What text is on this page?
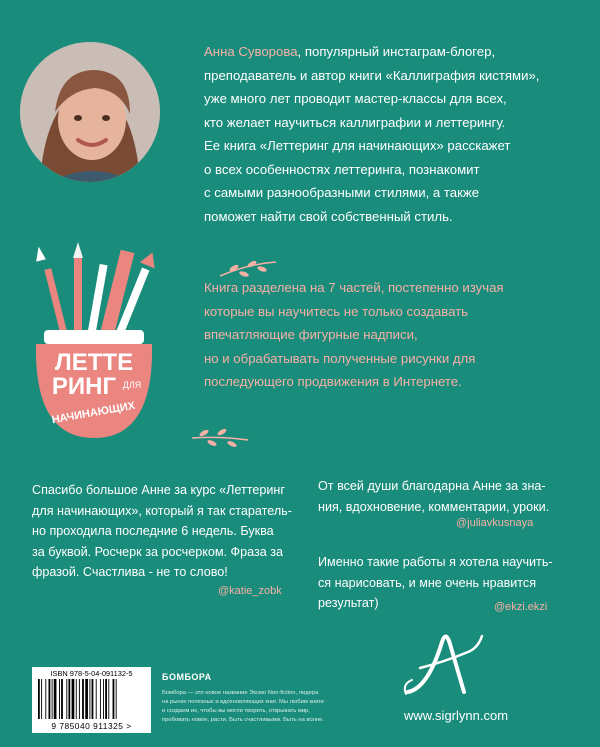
Анна Суворова, популярный инстаграм-блогер,
преподаватель и автор книги «Каллиграфия кистями»,
уже много лет проводит мастер-классы для всех,
кто желает научиться каллиграфии и леттерингу.
Ее книга «Леттеринг для начинающих» расскажет
о всех особенностях леттеринга, познакомит
с самыми разнообразными стилями, а также
поможет найти свой собственный стиль.
ЛЕТТЕ
РИНГ ДЛЯ
НАЧИНАЮЩИХ
Книга разделена на 7 частей, постепенно изучая
которые вы научитесь не только создавать
впечатляющие фигурные надписи,
но и обрабатывать полученные рисунки для
последующего продвижения в Интернете.
Спасибо большое Анне за курс «Леттеринг
для начинающих», который я так старатель-
но проходила последние 6 недель. Буква
за буквой. Росчерк за росчерком. Фраза за
фразой. Счастлива - не то слово!
@katie_zobk
От всей души благодарна Анне за зна-
ния, вдохновение, комментарии, уроки.
@juliavkusnaya
Именно такие работы я хотела научить-
ся нарисовать, и мне очень нравится
результат)	@ekzi.ekzi
ISBN 978-5-04-091132-5
9 785040 911325 >
БОМБОРА
Бомбора — это новое название Эксмо Non-fiction, лидера
на рынке полезных и вдохновляющих книг. Мы любим книги
и создаем их, чтобы вы могли творить, открывать мир,
пробовать новое, расти. Быть счастливыми. Быть на волне.	www.sigrlynn.com
